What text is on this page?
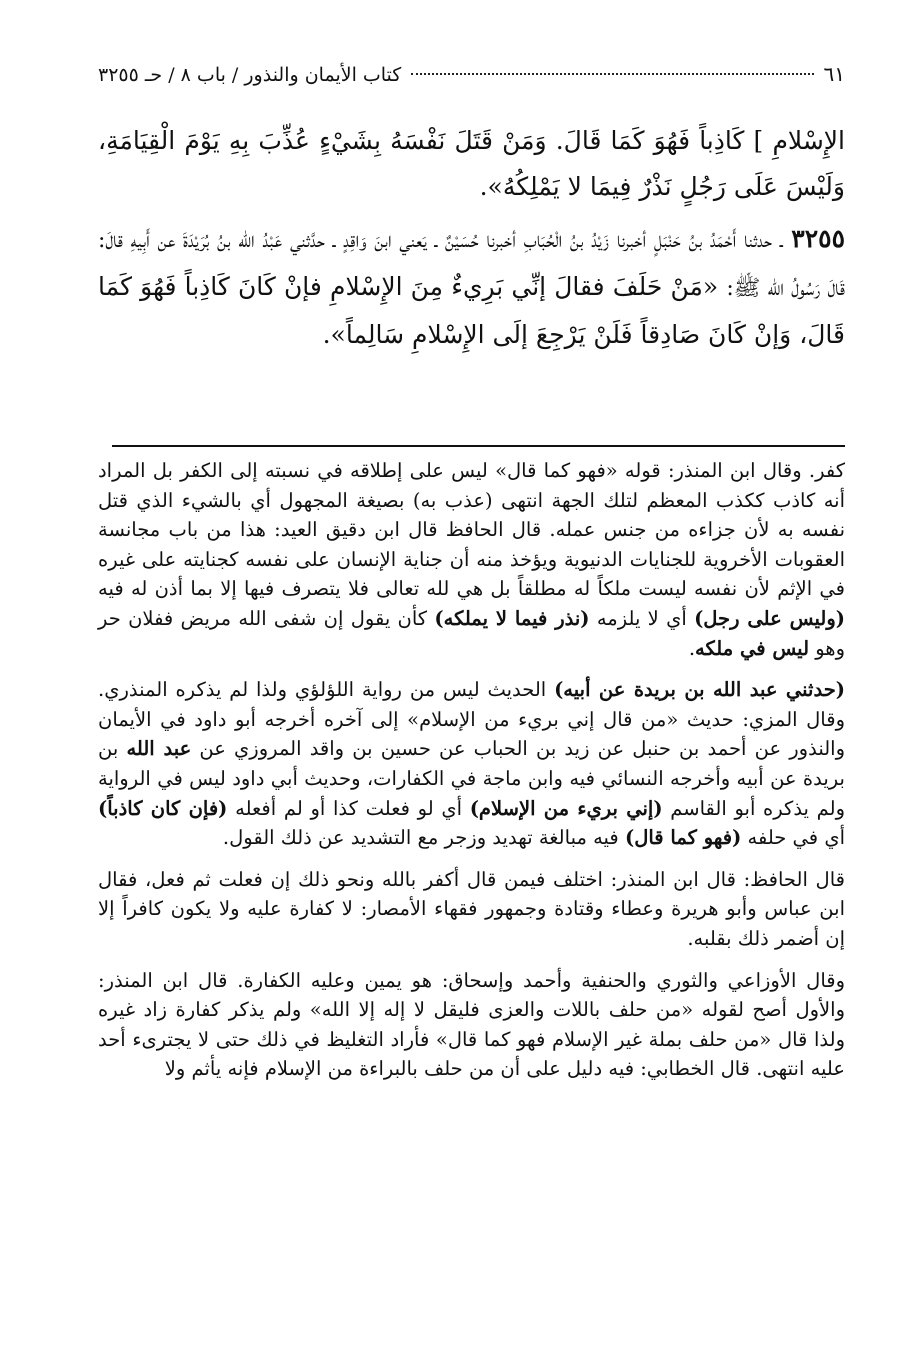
كتاب الأيمان والنذور / باب ٨ / حـ ٣٢٥٥	٦١

الإِسْلامِ ] كَاذِباً فَهُوَ كَمَا قَالَ. وَمَنْ قَتَلَ نَفْسَهُ بِشَيْءٍ عُذِّبَ بِهِ يَوْمَ الْقِيَامَةِ، وَلَيْسَ عَلَى رَجُلٍ نَذْرٌ فِيمَا لا يَمْلِكُهُ».

٣٢٥٥ ـ حدثنا أَحْمَدُ بنُ حَنْبَلٍ أخبرنا زَيْدُ بنُ الْحُبَابِ أخبرنا حُسَيْنٌ ـ يَعني ابنَ وَاقِدٍ ـ حدَّثني عَبْدُ الله بنُ بُرَيْدَةَ عن أَبِيهِ قالَ: قَالَ رَسُولُ الله ﷺ: «مَنْ حَلَفَ فقالَ إنِّي بَرِيءٌ مِنَ الإِسْلامِ فإنْ كَانَ كَاذِباً فَهُوَ كَمَا قَالَ، وَإنْ كَانَ صَادِقاً فَلَنْ يَرْجِعَ إلَى الإِسْلامِ سَالِماً».

كفر. وقال ابن المنذر: قوله «فهو كما قال» ليس على إطلاقه في نسبته إلى الكفر بل المراد أنه كاذب ككذب المعظم لتلك الجهة انتهى (عذب به) بصيغة المجهول أي بالشيء الذي قتل نفسه به لأن جزاءه من جنس عمله. قال الحافظ قال ابن دقيق العيد: هذا من باب مجانسة العقوبات الأخروية للجنايات الدنيوية ويؤخذ منه أن جناية الإنسان على نفسه كجنايته على غيره في الإثم لأن نفسه ليست ملكاً له مطلقاً بل هي لله تعالى فلا يتصرف فيها إلا بما أذن له فيه (وليس على رجل) أي لا يلزمه (نذر فيما لا يملكه) كأن يقول إن شفى الله مريض ففلان حر وهو ليس في ملكه.

(حدثني عبد الله بن بريدة عن أبيه) الحديث ليس من رواية اللؤلؤي ولذا لم يذكره المنذري. وقال المزي: حديث «من قال إني بريء من الإسلام» إلى آخره أخرجه أبو داود في الأيمان والنذور عن أحمد بن حنبل عن زيد بن الحباب عن حسين بن واقد المروزي عن عبد الله بن بريدة عن أبيه وأخرجه النسائي فيه وابن ماجة في الكفارات، وحديث أبي داود ليس في الرواية ولم يذكره أبو القاسم (إني بريء من الإسلام) أي لو فعلت كذا أو لم أفعله (فإن كان كاذباً) أي في حلفه (فهو كما قال) فيه مبالغة تهديد وزجر مع التشديد عن ذلك القول.

قال الحافظ: قال ابن المنذر: اختلف فيمن قال أكفر بالله ونحو ذلك إن فعلت ثم فعل، فقال ابن عباس وأبو هريرة وعطاء وقتادة وجمهور فقهاء الأمصار: لا كفارة عليه ولا يكون كافراً إلا إن أضمر ذلك بقلبه.

وقال الأوزاعي والثوري والحنفية وأحمد وإسحاق: هو يمين وعليه الكفارة. قال ابن المنذر: والأول أصح لقوله «من حلف باللات والعزى فليقل لا إله إلا الله» ولم يذكر كفارة زاد غيره ولذا قال «من حلف بملة غير الإسلام فهو كما قال» فأراد التغليظ في ذلك حتى لا يجترىء أحد عليه انتهى. قال الخطابي: فيه دليل على أن من حلف بالبراءة من الإسلام فإنه يأثم ولا
